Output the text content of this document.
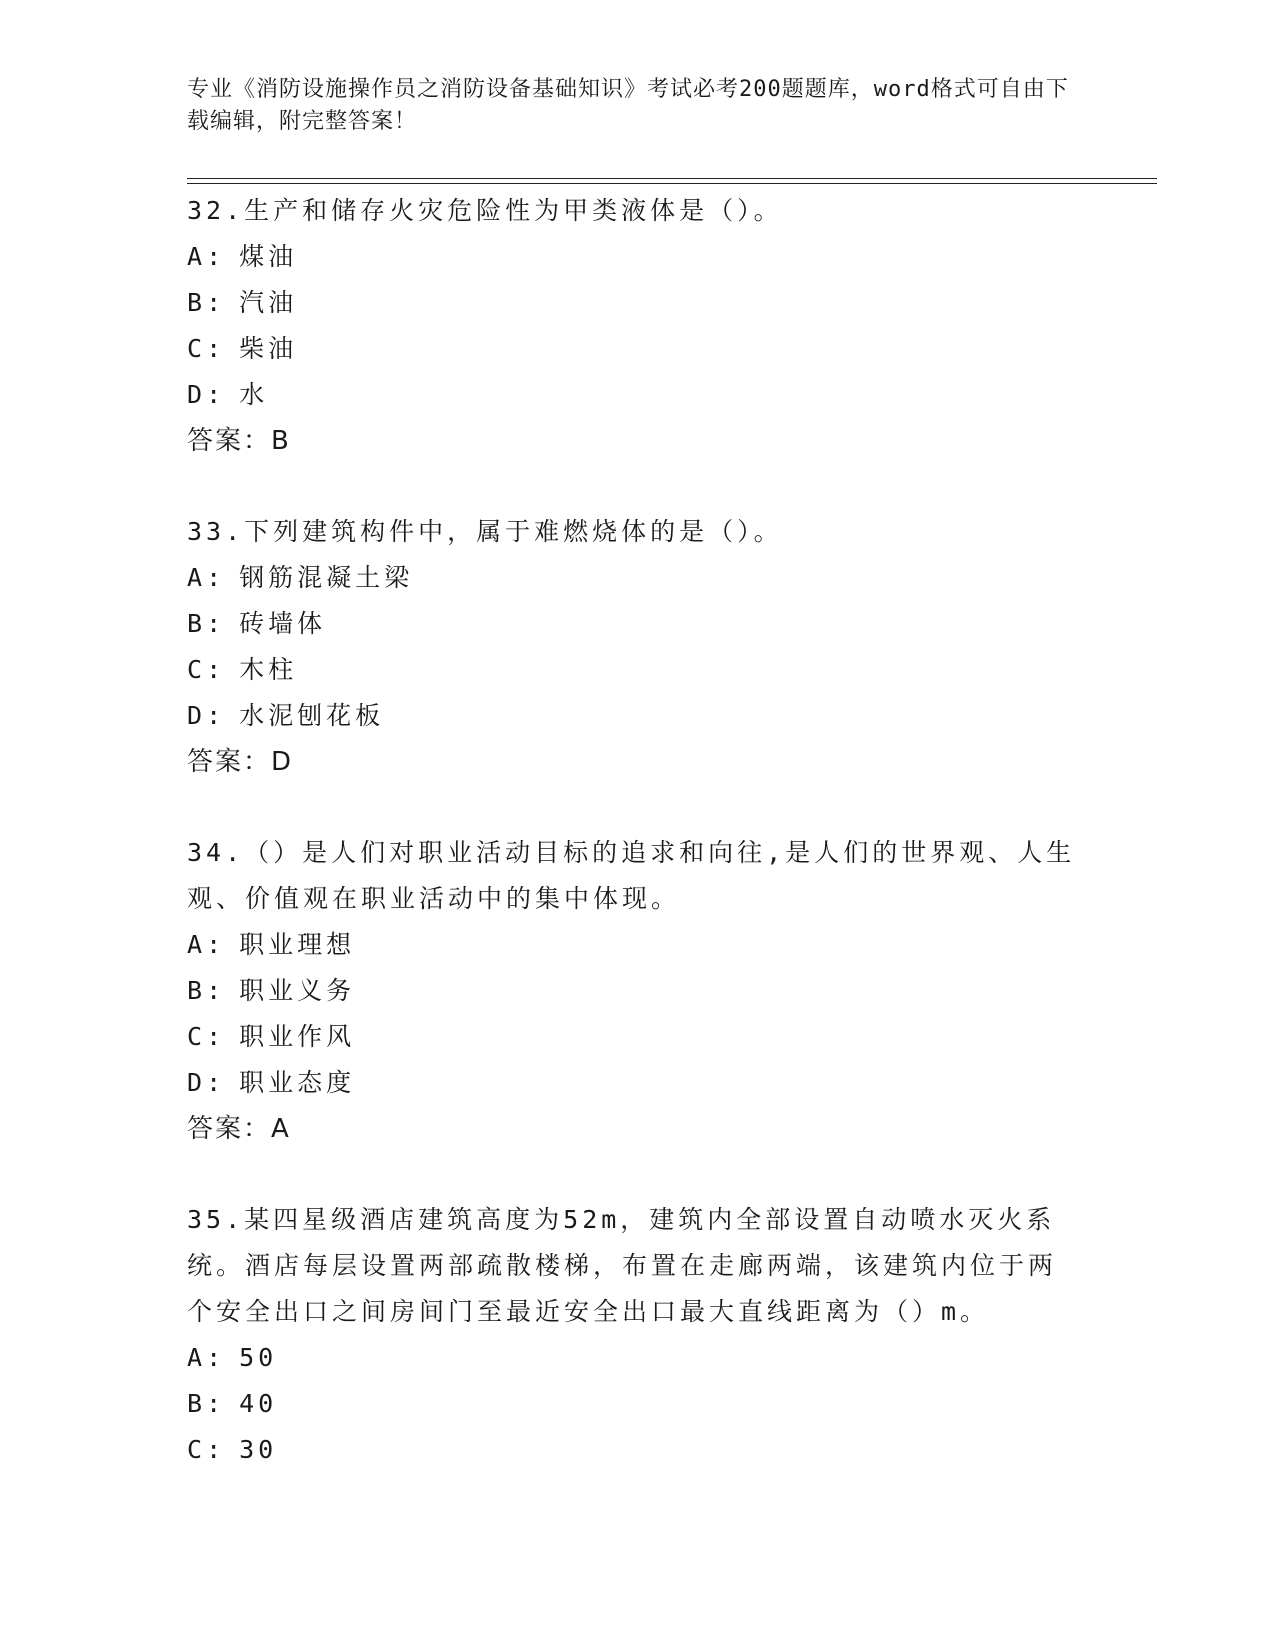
专业《消防设施操作员之消防设备基础知识》考试必考200题题库，word格式可自由下载编辑，附完整答案！
32.生产和储存火灾危险性为甲类液体是（）。
A: 煤油
B: 汽油
C: 柴油
D: 水
答案：B
33.下列建筑构件中，属于难燃烧体的是（）。
A: 钢筋混凝土梁
B: 砖墙体
C: 木柱
D: 水泥刨花板
答案：D
34.（）是人们对职业活动目标的追求和向往,是人们的世界观、人生观、价值观在职业活动中的集中体现。
A: 职业理想
B: 职业义务
C: 职业作风
D: 职业态度
答案：A
35.某四星级酒店建筑高度为52m，建筑内全部设置自动喷水灭火系统。酒店每层设置两部疏散楼梯，布置在走廊两端，该建筑内位于两个安全出口之间房间门至最近安全出口最大直线距离为（）m。
A: 50
B: 40
C: 30
